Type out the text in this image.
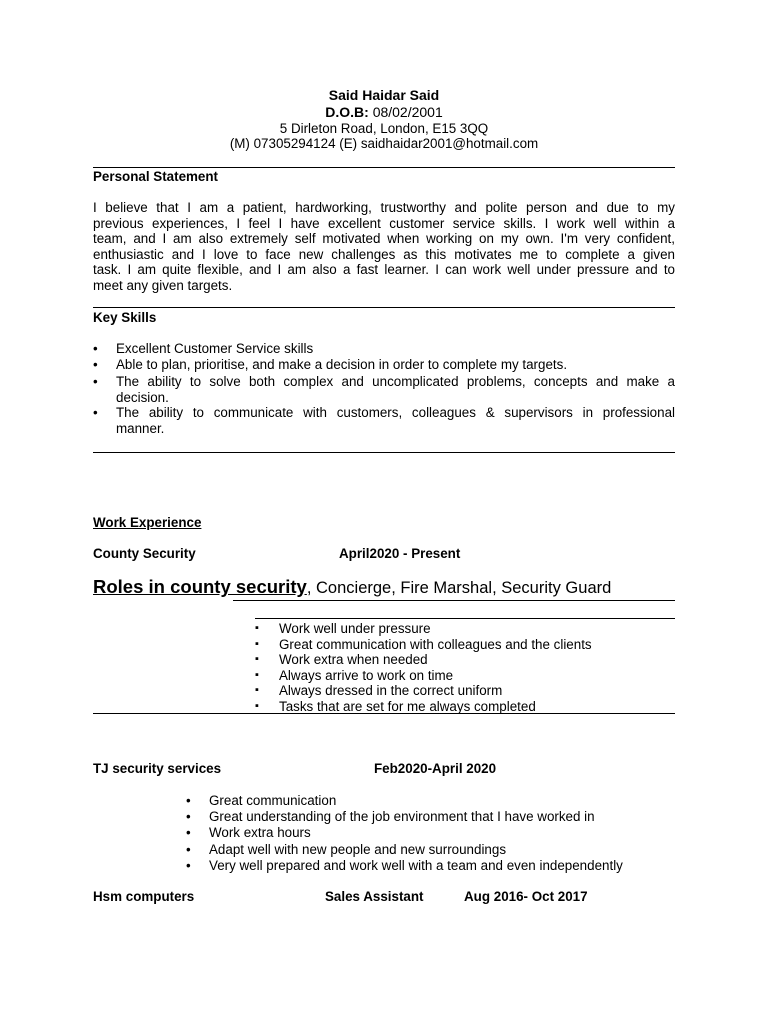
Said Haidar Said
D.O.B: 08/02/2001
5 Dirleton Road, London, E15 3QQ
(M) 07305294124 (E) saidhaidar2001@hotmail.com
Personal Statement
I believe that I am a patient, hardworking, trustworthy and polite person and due to my
previous experiences, I feel I have excellent customer service skills. I work well within a
team, and I am also extremely self motivated when working on my own. I'm very confident,
enthusiastic and I love to face new challenges as this motivates me to complete a given
task. I am quite flexible, and I am also a fast learner. I can work well under pressure and to
meet any given targets.
Key Skills
• Excellent Customer Service skills
• Able to plan, prioritise, and make a decision in order to complete my targets.
• The ability to solve both complex and uncomplicated problems, concepts and make a
decision.
• The ability to communicate with customers, colleagues & supervisors in professional
manner.
Work Experience
County Security	April2020 - Present
Roles in county security, Concierge, Fire Marshal, Security Guard
▪ Work well under pressure
▪ Great communication with colleagues and the clients
▪ Work extra when needed
▪ Always arrive to work on time
▪ Always dressed in the correct uniform
▪ Tasks that are set for me always completed
TJ security services	Feb2020-April 2020
• Great communication
• Great understanding of the job environment that I have worked in
• Work extra hours
• Adapt well with new people and new surroundings
• Very well prepared and work well with a team and even independently
Hsm computers	Sales Assistant	Aug 2016- Oct 2017
